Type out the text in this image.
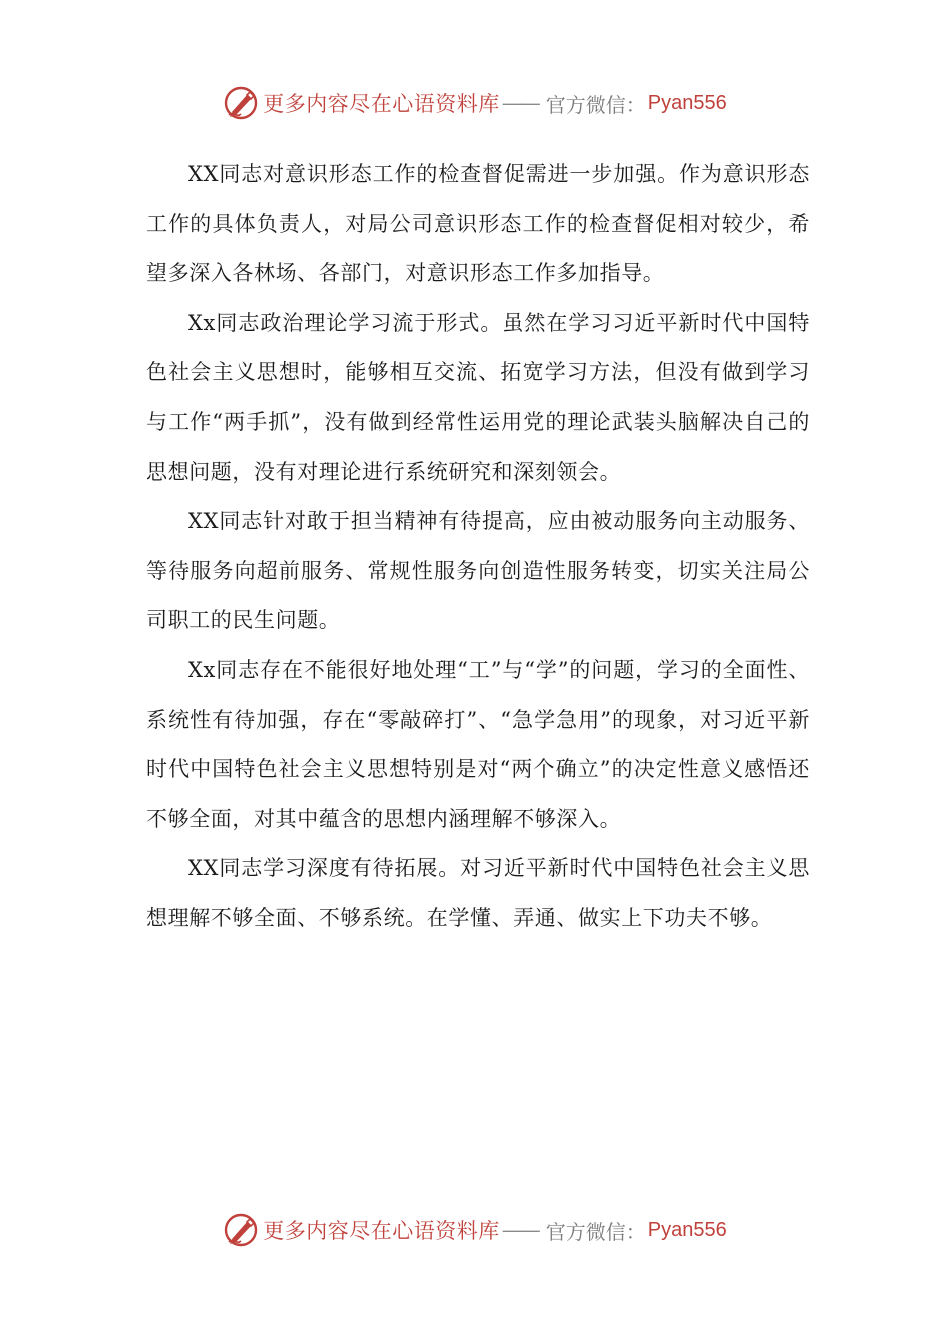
更多内容尽在心语资料库 —— 官方微信： Pyan556

XX同志对意识形态工作的检查督促需进一步加强。作为意识形态工作的具体负责人，对局公司意识形态工作的检查督促相对较少，希望多深入各林场、各部门，对意识形态工作多加指导。

Xx同志政治理论学习流于形式。虽然在学习习近平新时代中国特色社会主义思想时，能够相互交流、拓宽学习方法，但没有做到学习与工作“两手抓”，没有做到经常性运用党的理论武装头脑解决自己的思想问题，没有对理论进行系统研究和深刻领会。

XX同志针对敢于担当精神有待提高，应由被动服务向主动服务、等待服务向超前服务、常规性服务向创造性服务转变，切实关注局公司职工的民生问题。

Xx同志存在不能很好地处理“工”与“学”的问题，学习的全面性、系统性有待加强，存在“零敲碎打”、“急学急用”的现象，对习近平新时代中国特色社会主义思想特别是对“两个确立”的决定性意义感悟还不够全面，对其中蕴含的思想内涵理解不够深入。

XX同志学习深度有待拓展。对习近平新时代中国特色社会主义思想理解不够全面、不够系统。在学懂、弄通、做实上下功夫不够。

更多内容尽在心语资料库 —— 官方微信： Pyan556
